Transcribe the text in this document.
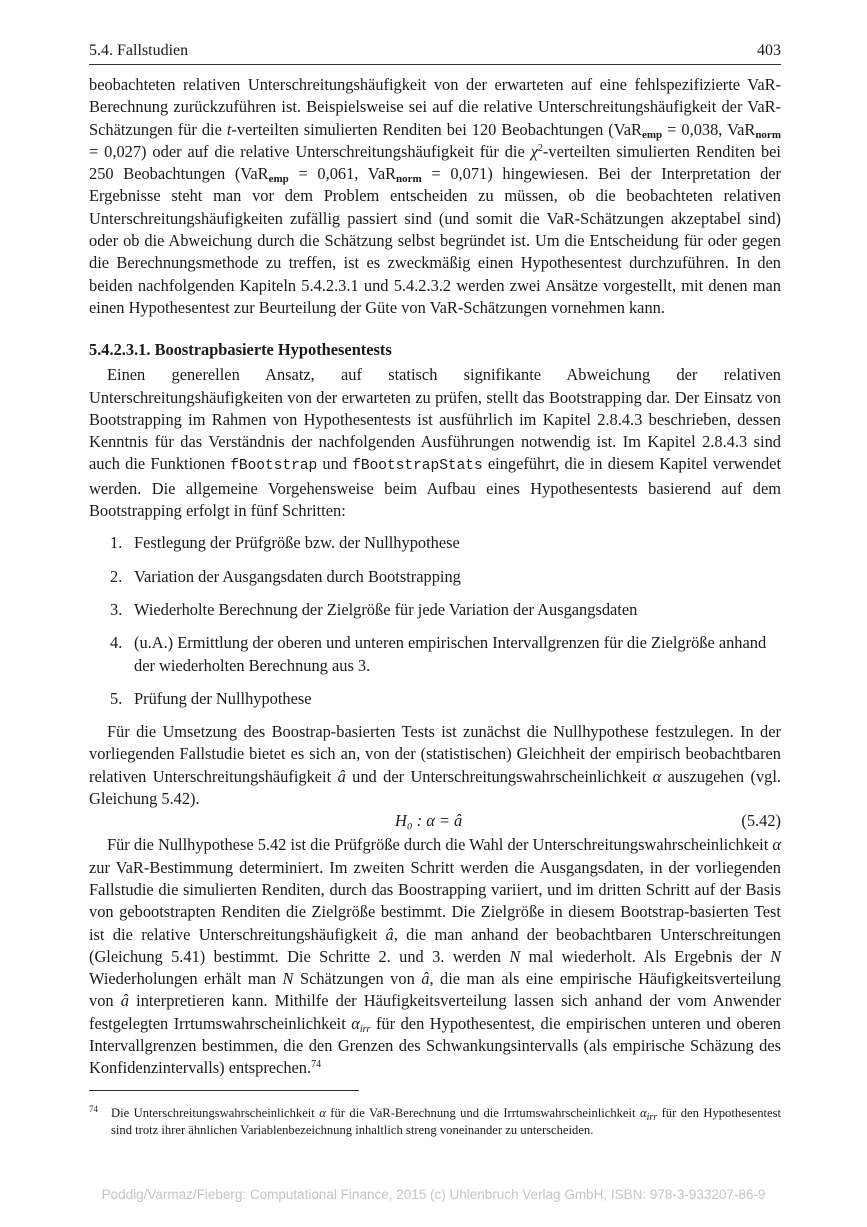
5.4. Fallstudien	403

beobachteten relativen Unterschreitungshäufigkeit von der erwarteten auf eine fehlspezifizierte VaR-Berechnung zurückzuführen ist. Beispielsweise sei auf die relative Unterschreitungshäufigkeit der VaR-Schätzungen für die t-verteilten simulierten Renditen bei 120 Beobachtungen (VaR$_{emp}$ = 0,038, VaR$_{norm}$ = 0,027) oder auf die relative Unterschreitungshäufigkeit für die $\chi^2$-verteilten simulierten Renditen bei 250 Beobachtungen (VaR$_{emp}$ = 0,061, VaR$_{norm}$ = 0,071) hingewiesen. Bei der Interpretation der Ergebnisse steht man vor dem Problem entscheiden zu müssen, ob die beobachteten relativen Unterschreitungshäufigkeiten zufällig passiert sind (und somit die VaR-Schätzungen akzeptabel sind) oder ob die Abweichung durch die Schätzung selbst begründet ist. Um die Entscheidung für oder gegen die Berechnungsmethode zu treffen, ist es zweckmäßig einen Hypothesentest durchzuführen. In den beiden nachfolgenden Kapiteln 5.4.2.3.1 und 5.4.2.3.2 werden zwei Ansätze vorgestellt, mit denen man einen Hypothesentest zur Beurteilung der Güte von VaR-Schätzungen vornehmen kann.

5.4.2.3.1. Boostrapbasierte Hypothesentests

Einen generellen Ansatz, auf statisch signifikante Abweichung der relativen Unterschreitungshäufigkeiten von der erwarteten zu prüfen, stellt das Bootstrapping dar. Der Einsatz von Bootstrapping im Rahmen von Hypothesentests ist ausführlich im Kapitel 2.8.4.3 beschrieben, dessen Kenntnis für das Verständnis der nachfolgenden Ausführungen notwendig ist. Im Kapitel 2.8.4.3 sind auch die Funktionen fBootstrap und fBootstrapStats eingeführt, die in diesem Kapitel verwendet werden. Die allgemeine Vorgehensweise beim Aufbau eines Hypothesentests basierend auf dem Bootstrapping erfolgt in fünf Schritten:

1. Festlegung der Prüfgröße bzw. der Nullhypothese
2. Variation der Ausgangsdaten durch Bootstrapping
3. Wiederholte Berechnung der Zielgröße für jede Variation der Ausgangsdaten
4. (u.A.) Ermittlung der oberen und unteren empirischen Intervallgrenzen für die Zielgröße anhand der wiederholten Berechnung aus 3.
5. Prüfung der Nullhypothese

Für die Umsetzung des Boostrap-basierten Tests ist zunächst die Nullhypothese festzulegen. In der vorliegenden Fallstudie bietet es sich an, von der (statistischen) Gleichheit der empirisch beobachtbaren relativen Unterschreitungshäufigkeit â und der Unterschreitungswahrscheinlichkeit α auszugehen (vgl. Gleichung 5.42).

H₀ : α = â	(5.42)

Für die Nullhypothese 5.42 ist die Prüfgröße durch die Wahl der Unterschreitungswahrscheinlichkeit α zur VaR-Bestimmung determiniert. Im zweiten Schritt werden die Ausgangsdaten, in der vorliegenden Fallstudie die simulierten Renditen, durch das Boostrapping variiert, und im dritten Schritt auf der Basis von gebootstrapten Renditen die Zielgröße bestimmt. Die Zielgröße in diesem Bootstrap-basierten Test ist die relative Unterschreitungshäufigkeit â, die man anhand der beobachtbaren Unterschreitungen (Gleichung 5.41) bestimmt. Die Schritte 2. und 3. werden N mal wiederholt. Als Ergebnis der N Wiederholungen erhält man N Schätzungen von â, die man als eine empirische Häufigkeitsverteilung von â interpretieren kann. Mithilfe der Häufigkeitsverteilung lassen sich anhand der vom Anwender festgelegten Irrtumswahrscheinlichkeit $\alpha_{irr}$ für den Hypothesentest, die empirischen unteren und oberen Intervallgrenzen bestimmen, die den Grenzen des Schwankungsintervalls (als empirische Schäzung des Konfidenzintervalls) entsprechen.$^{74}$

74 Die Unterschreitungswahrscheinlichkeit α für die VaR-Berechnung und die Irrtumswahrscheinlichkeit $\alpha_{irr}$ für den Hypothesentest sind trotz ihrer ähnlichen Variablenbezeichnung inhaltlich streng voneinander zu unterscheiden.
Poddig/Varmaz/Fieberg: Computational Finance, 2015 (c) Uhlenbruch Verlag GmbH, ISBN: 978-3-933207-86-9
